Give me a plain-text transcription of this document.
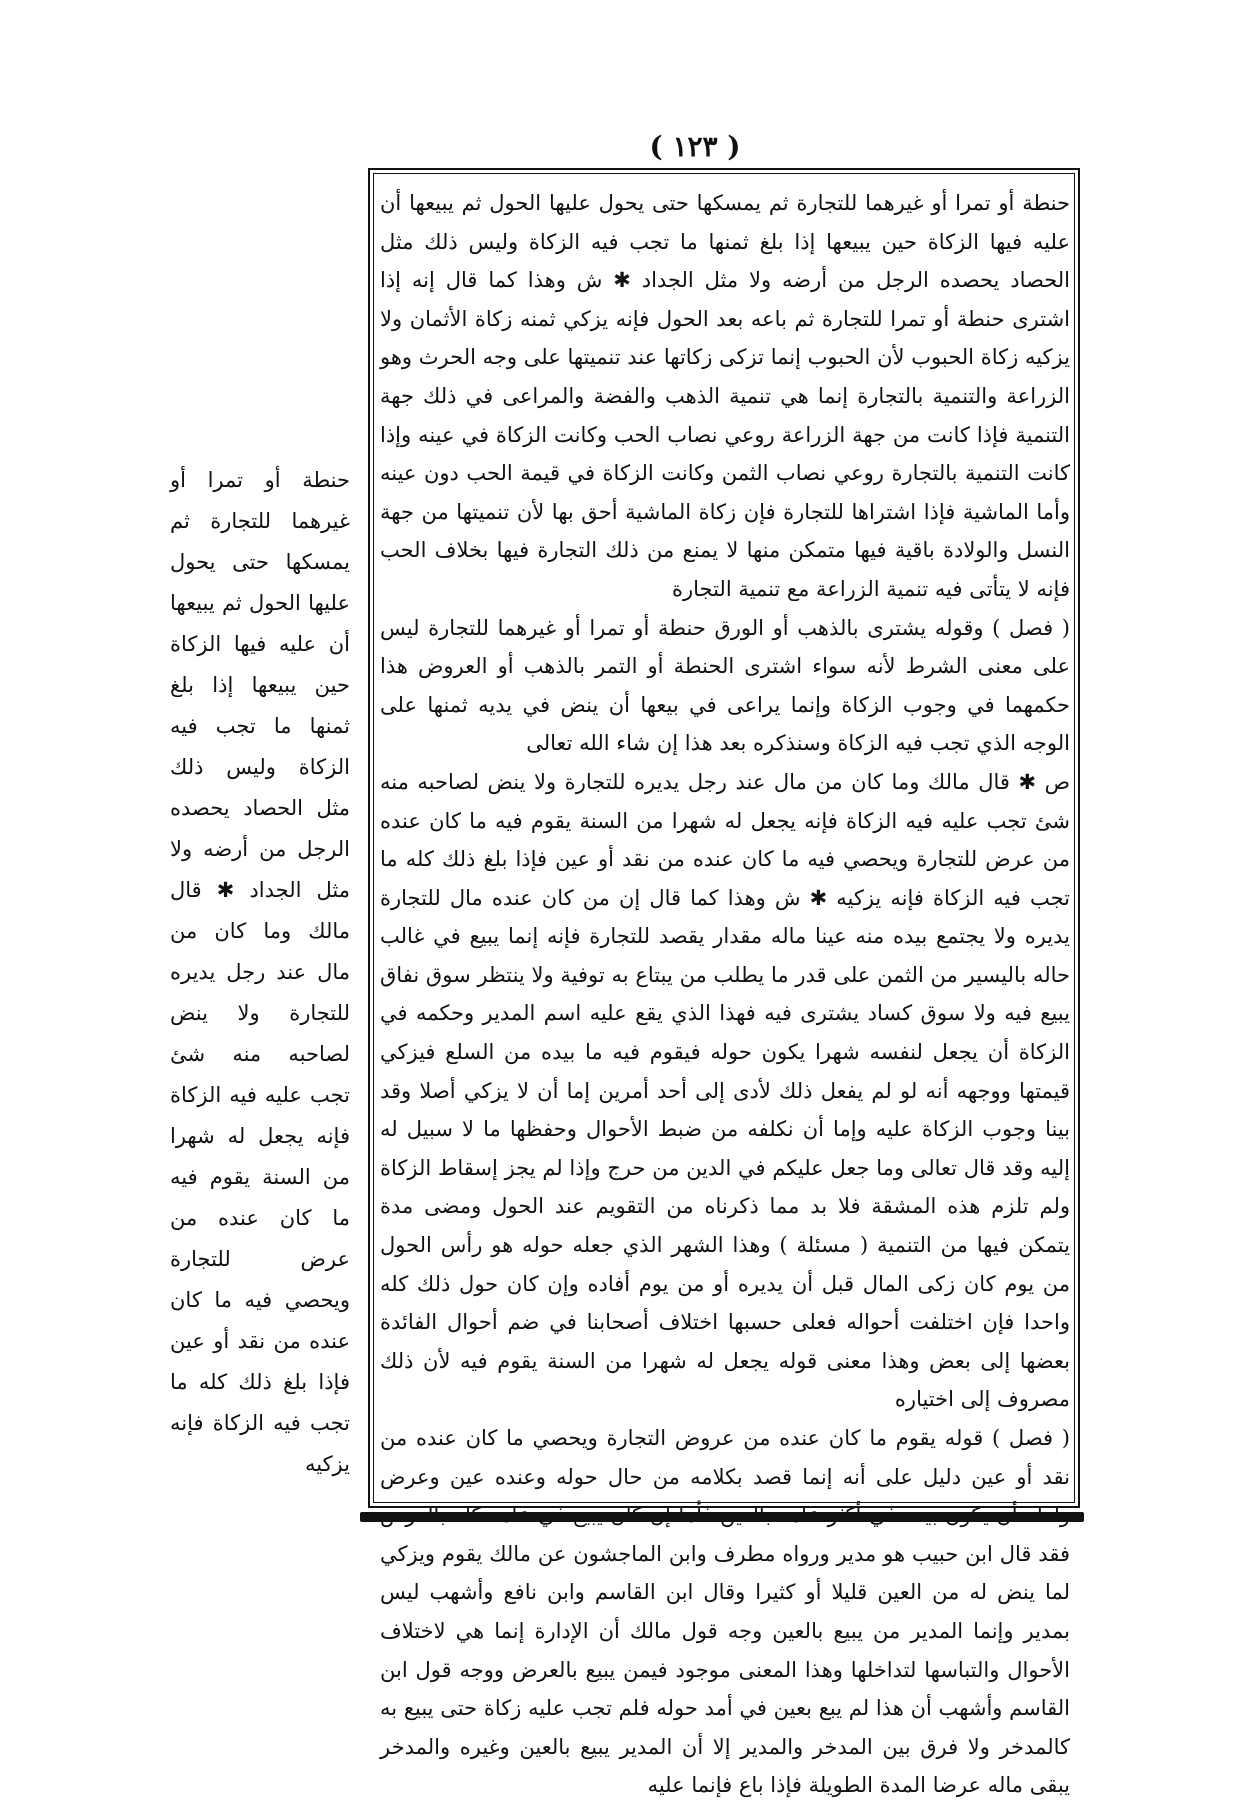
( ١٢٣ )

حنطة أو تمرا أو غيرهما للتجارة ثم يمسكها حتى يحول عليها الحول ثم يبيعها أن عليه فيها الزكاة حين يبيعها إذا بلغ ثمنها ما تجب فيه الزكاة وليس ذلك مثل الحصاد يحصده الرجل من أرضه ولا مثل الجداد ✱ ش وهذا كما قال إنه إذا اشترى حنطة أو تمرا للتجارة ثم باعه بعد الحول فإنه يزكي ثمنه زكاة الأثمان ولا يزكيه زكاة الحبوب لأن الحبوب إنما تزكى زكاتها عند تنميتها على وجه الحرث وهو الزراعة والتنمية بالتجارة إنما هي تنمية الذهب والفضة والمراعى في ذلك جهة التنمية فإذا كانت من جهة الزراعة روعي نصاب الحب وكانت الزكاة في عينه وإذا كانت التنمية بالتجارة روعي نصاب الثمن وكانت الزكاة في قيمة الحب دون عينه وأما الماشية فإذا اشتراها للتجارة فإن زكاة الماشية أحق بها لأن تنميتها من جهة النسل والولادة باقية فيها متمكن منها لا يمنع من ذلك التجارة فيها بخلاف الحب فإنه لا يتأتى فيه تنمية الزراعة مع تنمية التجارة

( فصل ) وقوله يشترى بالذهب أو الورق حنطة أو تمرا أو غيرهما للتجارة ليس على معنى الشرط لأنه سواء اشترى الحنطة أو التمر بالذهب أو العروض هذا حكمهما في وجوب الزكاة وإنما يراعى في بيعها أن ينض في يديه ثمنها على الوجه الذي تجب فيه الزكاة وسنذكره بعد هذا إن شاء الله تعالى

ص ✱ قال مالك وما كان من مال عند رجل يديره للتجارة ولا ينض لصاحبه منه شئ تجب عليه فيه الزكاة فإنه يجعل له شهرا من السنة يقوم فيه ما كان عنده من عرض للتجارة ويحصي فيه ما كان عنده من نقد أو عين فإذا بلغ ذلك كله ما تجب فيه الزكاة فإنه يزكيه ✱ ش وهذا كما قال إن من كان عنده مال للتجارة يديره ولا يجتمع بيده منه عينا ماله مقدار يقصد للتجارة فإنه إنما يبيع في غالب حاله باليسير من الثمن على قدر ما يطلب من يبتاع به توفية ولا ينتظر سوق نفاق يبيع فيه ولا سوق كساد يشترى فيه فهذا الذي يقع عليه اسم المدير وحكمه في الزكاة أن يجعل لنفسه شهرا يكون حوله فيقوم فيه ما بيده من السلع فيزكي قيمتها ووجهه أنه لو لم يفعل ذلك لأدى إلى أحد أمرين إما أن لا يزكي أصلا وقد بينا وجوب الزكاة عليه وإما أن نكلفه من ضبط الأحوال وحفظها ما لا سبيل له إليه وقد قال تعالى وما جعل عليكم في الدين من حرج وإذا لم يجز إسقاط الزكاة ولم تلزم هذه المشقة فلا بد مما ذكرناه من التقويم عند الحول ومضى مدة يتمكن فيها من التنمية ( مسئلة ) وهذا الشهر الذي جعله حوله هو رأس الحول من يوم كان زكى المال قبل أن يديره أو من يوم أفاده وإن كان حول ذلك كله واحدا فإن اختلفت أحواله فعلى حسبها اختلاف أصحابنا في ضم أحوال الفائدة بعضها إلى بعض وهذا معنى قوله يجعل له شهرا من السنة يقوم فيه لأن ذلك مصروف إلى اختياره

( فصل ) قوله يقوم ما كان عنده من عروض التجارة ويحصي ما كان عنده من نقد أو عين دليل على أنه إنما قصد بكلامه من حال حوله وعنده عين وعرض فقد قال ابن حبيب هو مدير ورواه مطرف وابن الماجشون عن مالك يقوم ويزكي لما ينض له من العين قليلا أو كثيرا وقال ابن القاسم وابن نافع وأشهب ليس بمدير وإنما المدير من يبيع بالعين وجه قول مالك أن الإدارة إنما هي لاختلاف الأحوال والتباسها لتداخلها وهذا المعنى موجود فيمن يبيع بالعرض ووجه قول ابن القاسم وأشهب أن هذا لم يبع بعين في أمد حوله فلم تجب عليه زكاة حتى يبيع به كالمدخر ولا فرق بين المدخر والمدير إلا أن المدير يبيع بالعين وغيره والمدخر يبقى ماله عرضا المدة الطويلة فإذا باع فإنما عليه

حنطة أو تمرا أو غيرهما للتجارة ثم يمسكها حتى يحول عليها الحول ثم يبيعها أن عليه فيها الزكاة حين يبيعها إذا بلغ ثمنها ما تجب فيه الزكاة وليس ذلك مثل الحصاد يحصده الرجل من أرضه ولا مثل الجداد ✱ قال مالك وما كان من مال عند رجل يديره للتجارة ولا ينض لصاحبه منه شئ تجب عليه فيه الزكاة فإنه يجعل له شهرا من السنة يقوم فيه ما كان عنده من عرض للتجارة ويحصي فيه ما كان عنده من نقد أو عين فإذا بلغ ذلك كله ما تجب فيه الزكاة فإنه يزكيه
